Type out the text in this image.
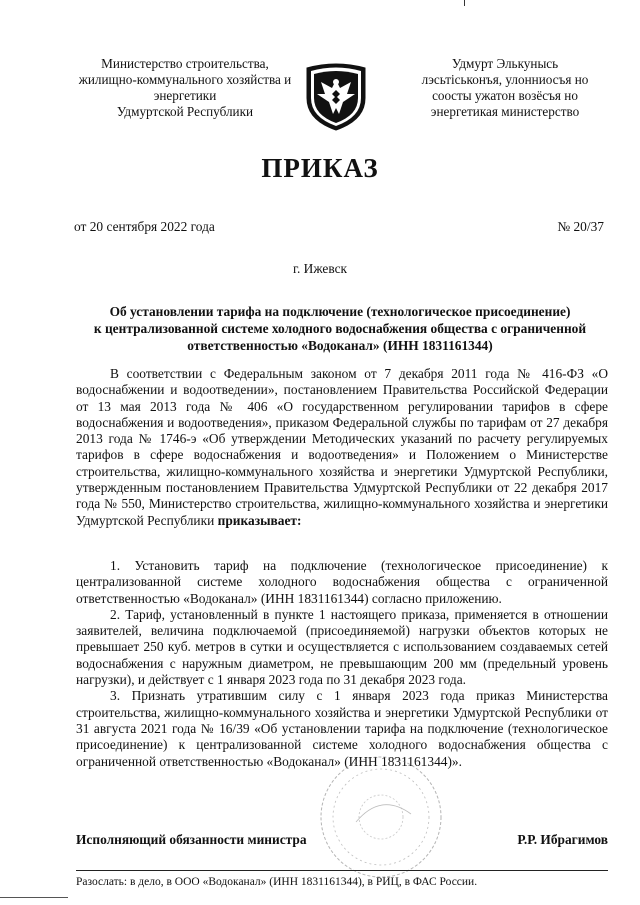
Министерство строительства,
жилищно-коммунального хозяйства и
энергетики
Удмуртской Республики
Удмурт Элькунысь
лэсьтiськонъя, улонниосъя но
сооcты ужатон возёсъя но
энергетикая министерство
ПРИКАЗ
от 20 сентября 2022 года	№ 20/37
г. Ижевск
Об установлении тарифа на подключение (технологическое присоединение)
к централизованной системе холодного водоснабжения общества с ограниченной
ответственностью «Водоканал» (ИНН 1831161344)
В соответствии с Федеральным законом от 7 декабря 2011 года № 416-ФЗ «О водоснабжении и водоотведении», постановлением Правительства Российской Федерации от 13 мая 2013 года № 406 «О государственном регулировании тарифов в сфере водоснабжения и водоотведения», приказом Федеральной службы по тарифам от 27 декабря 2013 года № 1746-э «Об утверждении Методических указаний по расчету регулируемых тарифов в сфере водоснабжения и водоотведения» и Положением о Министерстве строительства, жилищно-коммунального хозяйства и энергетики Удмуртской Республики, утвержденным постановлением Правительства Удмуртской Республики от 22 декабря 2017 года № 550, Министерство строительства, жилищно-коммунального хозяйства и энергетики Удмуртской Республики приказывает:

1. Установить тариф на подключение (технологическое присоединение) к централизованной системе холодного водоснабжения общества с ограниченной ответственностью «Водоканал» (ИНН 1831161344) согласно приложению.

2. Тариф, установленный в пункте 1 настоящего приказа, применяется в отношении заявителей, величина подключаемой (присоединяемой) нагрузки объектов которых не превышает 250 куб. метров в сутки и осуществляется с использованием создаваемых сетей водоснабжения с наружным диаметром, не превышающим 200 мм (предельный уровень нагрузки), и действует с 1 января 2023 года по 31 декабря 2023 года.

3. Признать утратившим силу с 1 января 2023 года приказ Министерства строительства, жилищно-коммунального хозяйства и энергетики Удмуртской Республики от 31 августа 2021 года № 16/39 «Об установлении тарифа на подключение (технологическое присоединение) к централизованной системе холодного водоснабжения общества с ограниченной ответственностью «Водоканал» (ИНН 1831161344)».

Исполняющий обязанности министра	Р.Р. Ибрагимов
Разослать: в дело, в ООО «Водоканал» (ИНН 1831161344), в РИЦ, в ФАС России.
